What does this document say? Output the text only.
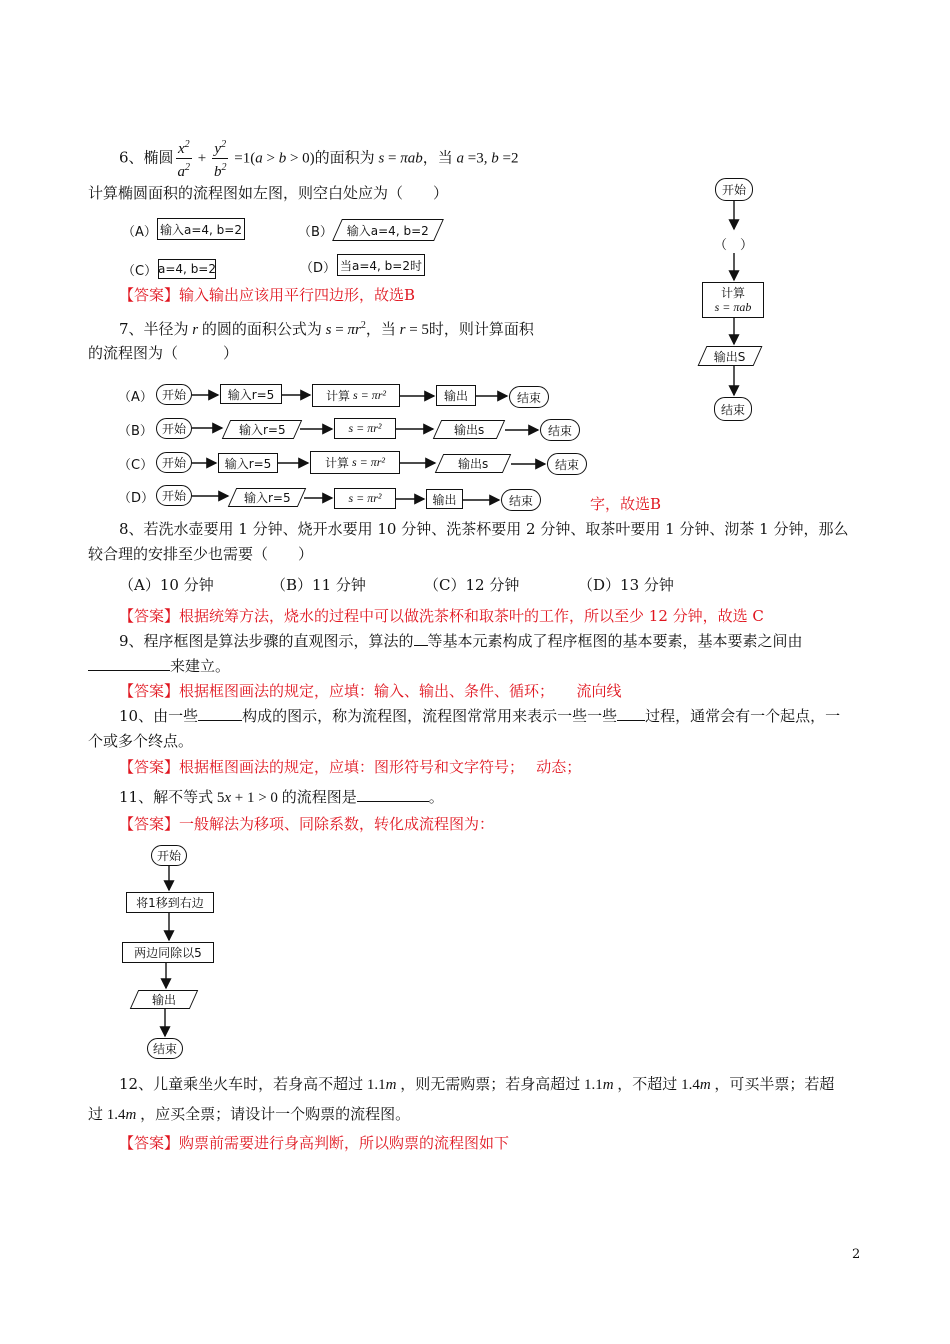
6、椭圆 $\frac{x^2}{a^2} + \frac{y^2}{b^2} =1(a > b > 0)$的面积为 s = πab，当 a =3, b =2
计算椭圆面积的流程图如左图，则空白处应为（　　）
（A） 输入a=4, b=2	（B） 输入a=4, b=2
（C） a=4, b=2	（D） 当a=4, b=2时
【答案】输入输出应该用平行四边形，故选B
开始
（　）
计算
s = πab
输出S
结束
7、半径为 r 的圆的面积公式为 $s = \pi r^2$，当 r = 5时，则计算面积
的流程图为（　　　）
（A） 开始	输入r=5	计算 s = πr²	输出	结束
（B） 开始	输入r=5	s = πr²	输出s	结束
（C） 开始	输入r=5	计算 s = πr²	输出s	结束
（D） 开始	输入r=5	s = πr²	输出	结束	字，故选B
8、若洗水壶要用 1 分钟、烧开水要用 10 分钟、洗茶杯要用 2 分钟、取茶叶要用 1 分钟、沏茶 1 分钟，那么
较合理的安排至少也需要（　　）
（A）10 分钟	（B）11 分钟	（C）12 分钟	（D）13 分钟
【答案】根据统筹方法，烧水的过程中可以做洗茶杯和取茶叶的工作，所以至少 12 分钟，故选 C
9、程序框图是算法步骤的直观图示，算法的 等基本元素构成了程序框图的基本要素，基本要素之间由
来建立。
【答案】根据框图画法的规定，应填：输入、输出、条件、循环；　　流向线
10、由一些	构成的图示，称为流程图，流程图常常用来表示一些一些 过程，通常会有一个起点，一
个或多个终点。
【答案】根据框图画法的规定，应填：图形符号和文字符号；　 动态；
11、解不等式 5x + 1 > 0 的流程图是	。
【答案】一般解法为移项、同除系数，转化成流程图为：
开始
将1移到右边
两边同除以5
输出
结束
12、儿童乘坐火车时，若身高不超过 1.1m ，则无需购票；若身高超过 1.1m ，不超过 1.4m ，可买半票；若超
过 1.4m ，应买全票；请设计一个购票的流程图。
【答案】购票前需要进行身高判断，所以购票的流程图如下
2
